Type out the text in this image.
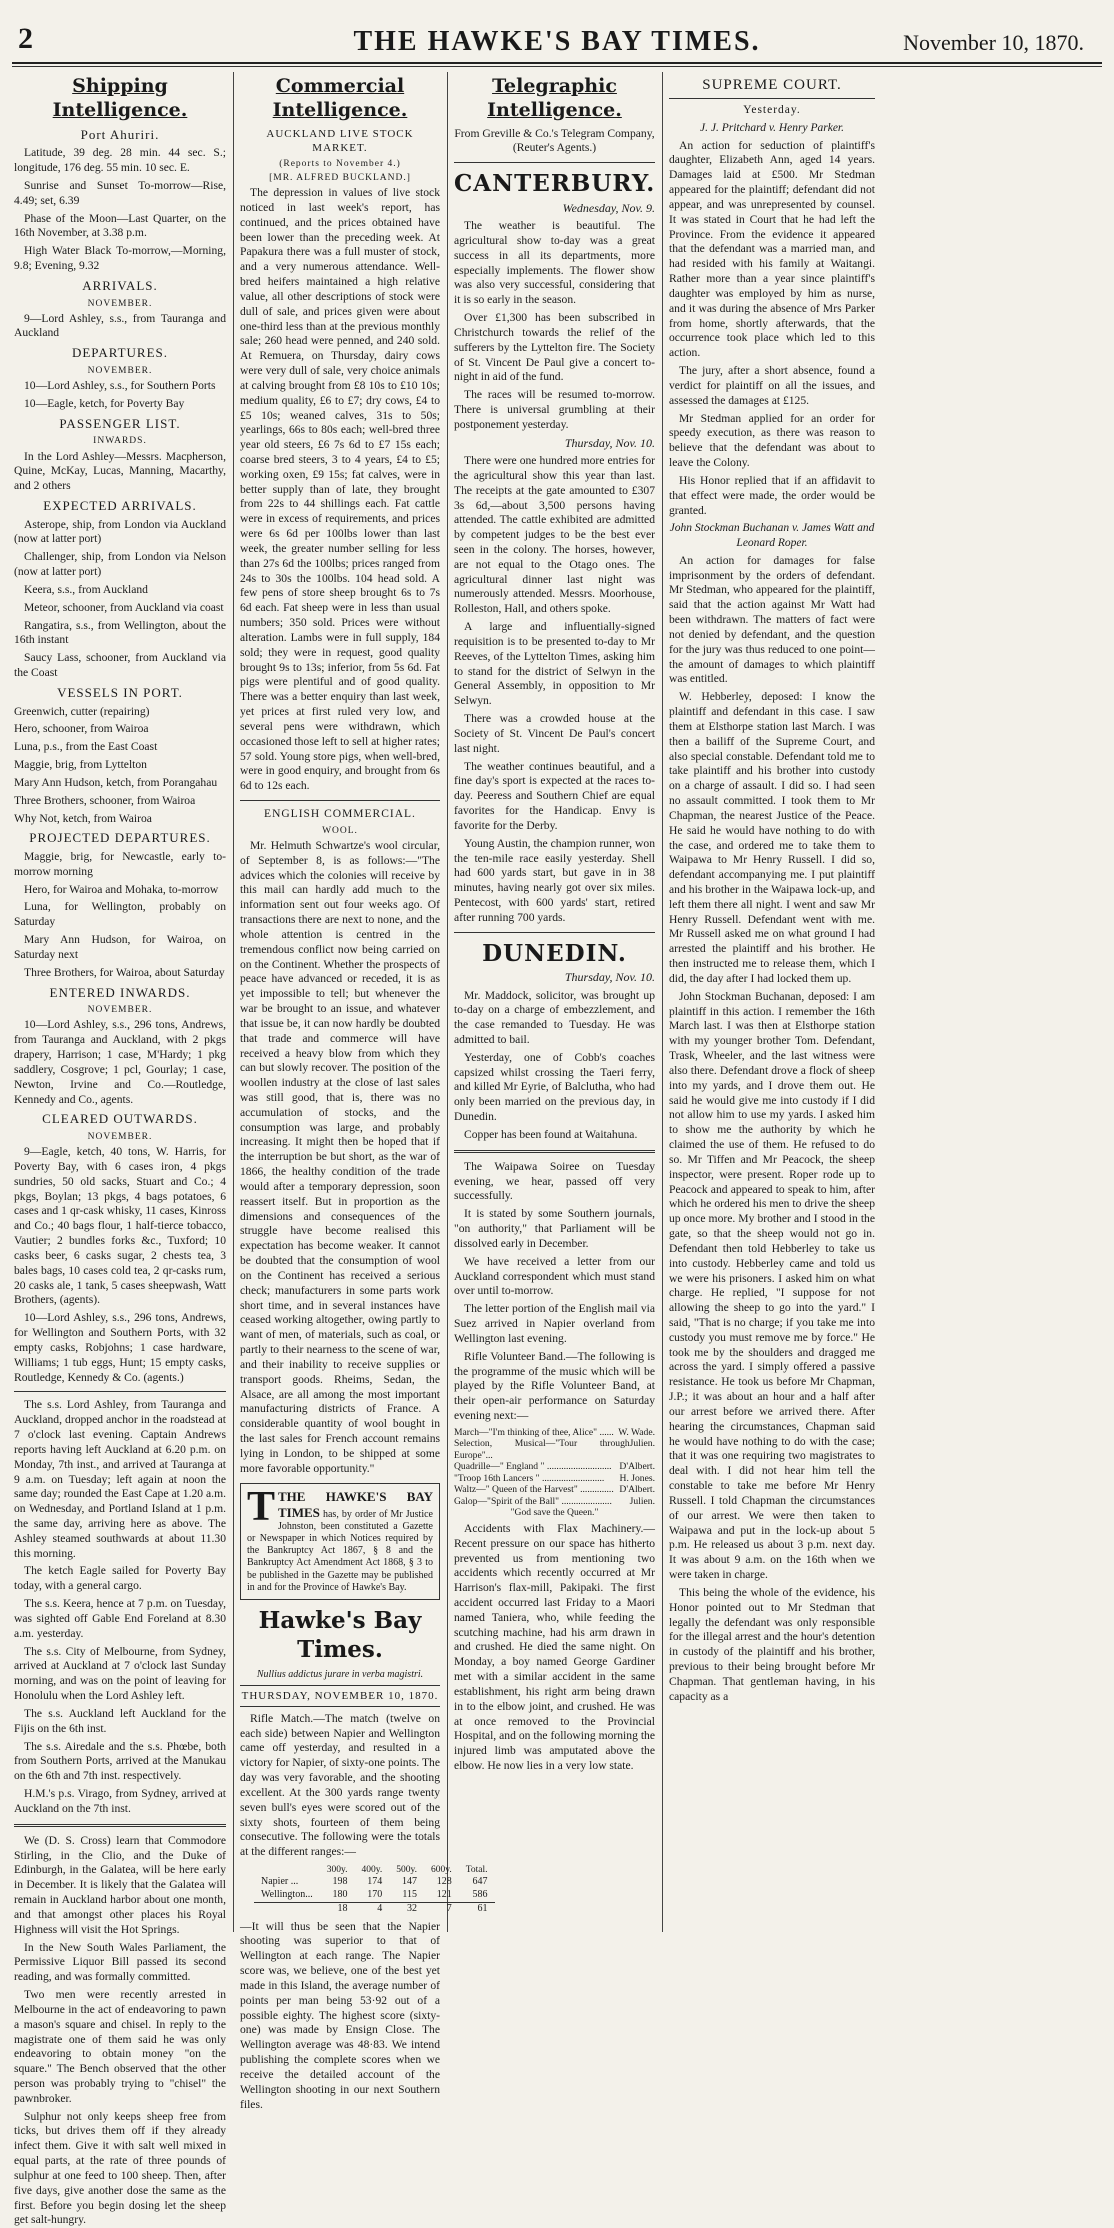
2	THE HAWKE'S BAY TIMES.	November 10, 1870.
Shipping Intelligence.
Port Ahuriri.

Latitude, 39 deg. 28 min. 44 sec. S.; longitude, 176 deg. 55 min. 10 sec. E.

Sunrise and Sunset To-morrow—Rise, 4.49; set, 6.39

Phase of the Moon—Last Quarter, on the 16th November, at 3.38 p.m.

High Water Black To-morrow,—Morning, 9.8; Evening, 9.32

ARRIVALS.
NOVEMBER.

9—Lord Ashley, s.s., from Tauranga and Auckland

DEPARTURES.
NOVEMBER.

10—Lord Ashley, s.s., for Southern Ports

10—Eagle, ketch, for Poverty Bay

PASSENGER LIST.
INWARDS.

In the Lord Ashley—Messrs. Macpherson, Quine, McKay, Lucas, Manning, Macarthy, and 2 others

EXPECTED ARRIVALS.

Asterope, ship, from London via Auckland (now at latter port)

Challenger, ship, from London via Nelson (now at latter port)

Keera, s.s., from Auckland

Meteor, schooner, from Auckland via coast

Rangatira, s.s., from Wellington, about the 16th instant

Saucy Lass, schooner, from Auckland via the Coast

VESSELS IN PORT.

Greenwich, cutter (repairing)

Hero, schooner, from Wairoa

Luna, p.s., from the East Coast

Maggie, brig, from Lyttelton

Mary Ann Hudson, ketch, from Porangahau

Three Brothers, schooner, from Wairoa

Why Not, ketch, from Wairoa

PROJECTED DEPARTURES.

Maggie, brig, for Newcastle, early to-morrow morning

Hero, for Wairoa and Mohaka, to-morrow

Luna, for Wellington, probably on Saturday

Mary Ann Hudson, for Wairoa, on Saturday next

Three Brothers, for Wairoa, about Saturday

ENTERED INWARDS.
NOVEMBER.

10—Lord Ashley, s.s., 296 tons, Andrews, from Tauranga and Auckland, with 2 pkgs drapery, Harrison; 1 case, M'Hardy; 1 pkg saddlery, Cosgrove; 1 pcl, Gourlay; 1 case, Newton, Irvine and Co.—Routledge, Kennedy and Co., agents.

CLEARED OUTWARDS.
NOVEMBER.

9—Eagle, ketch, 40 tons, W. Harris, for Poverty Bay, with 6 cases iron, 4 pkgs sundries, 50 old sacks, Stuart and Co.; 4 pkgs, Boylan; 13 pkgs, 4 bags potatoes, 6 cases and 1 qr-cask whisky, 11 cases, Kinross and Co.; 40 bags flour, 1 half-tierce tobacco, Vautier; 2 bundles forks &c., Tuxford; 10 casks beer, 6 casks sugar, 2 chests tea, 3 bales bags, 10 cases cold tea, 2 qr-casks rum, 20 casks ale, 1 tank, 5 cases sheepwash, Watt Brothers, (agents).

10—Lord Ashley, s.s., 296 tons, Andrews, for Wellington and Southern Ports, with 32 empty casks, Robjohns; 1 case hardware, Williams; 1 tub eggs, Hunt; 15 empty casks, Routledge, Kennedy & Co. (agents.)

The s.s. Lord Ashley, from Tauranga and Auckland, dropped anchor in the roadstead at 7 o'clock last evening. Captain Andrews reports having left Auckland at 6.20 p.m. on Monday, 7th inst., and arrived at Tauranga at 9 a.m. on Tuesday; left again at noon the same day; rounded the East Cape at 1.20 a.m. on Wednesday, and Portland Island at 1 p.m. the same day, arriving here as above. The Ashley steamed southwards at about 11.30 this morning.

The ketch Eagle sailed for Poverty Bay today, with a general cargo.

The s.s. Keera, hence at 7 p.m. on Tuesday, was sighted off Gable End Foreland at 8.30 a.m. yesterday.

The s.s. City of Melbourne, from Sydney, arrived at Auckland at 7 o'clock last Sunday morning, and was on the point of leaving for Honolulu when the Lord Ashley left.

The s.s. Auckland left Auckland for the Fijis on the 6th inst.

The s.s. Airedale and the s.s. Phœbe, both from Southern Ports, arrived at the Manukau on the 6th and 7th inst. respectively.

H.M.'s p.s. Virago, from Sydney, arrived at Auckland on the 7th inst.

We (D. S. Cross) learn that Commodore Stirling, in the Clio, and the Duke of Edinburgh, in the Galatea, will be here early in December. It is likely that the Galatea will remain in Auckland harbor about one month, and that amongst other places his Royal Highness will visit the Hot Springs.

In the New South Wales Parliament, the Permissive Liquor Bill passed its second reading, and was formally committed.

Two men were recently arrested in Melbourne in the act of endeavoring to pawn a mason's square and chisel. In reply to the magistrate one of them said he was only endeavoring to obtain money "on the square." The Bench observed that the other person was probably trying to "chisel" the pawnbroker.

Sulphur not only keeps sheep free from ticks, but drives them off if they already infect them. Give it with salt well mixed in equal parts, at the rate of three pounds of sulphur at one feed to 100 sheep. Then, after five days, give another dose the same as the first. Before you begin dosing let the sheep get salt-hungry.

Commercial Intelligence.
AUCKLAND LIVE STOCK MARKET.
(Reports to November 4.)
[MR. ALFRED BUCKLAND.]

The depression in values of live stock noticed in last week's report, has continued, and the prices obtained have been lower than the preceding week. At Papakura there was a full muster of stock, and a very numerous attendance. Well-bred heifers maintained a high relative value, all other descriptions of stock were dull of sale, and prices given were about one-third less than at the previous monthly sale; 260 head were penned, and 240 sold. At Remuera, on Thursday, dairy cows were very dull of sale, very choice animals at calving brought from £8 10s to £10 10s; medium quality, £6 to £7; dry cows, £4 to £5 10s; weaned calves, 31s to 50s; yearlings, 66s to 80s each; well-bred three year old steers, £6 7s 6d to £7 15s each; coarse bred steers, 3 to 4 years, £4 to £5; working oxen, £9 15s; fat calves, were in better supply than of late, they brought from 22s to 44 shillings each. Fat cattle were in excess of requirements, and prices were 6s 6d per 100lbs lower than last week, the greater number selling for less than 27s 6d the 100lbs; prices ranged from 24s to 30s the 100lbs. 104 head sold. A few pens of store sheep brought 6s to 7s 6d each. Fat sheep were in less than usual numbers; 350 sold. Prices were without alteration. Lambs were in full supply, 184 sold; they were in request, good quality brought 9s to 13s; inferior, from 5s 6d. Fat pigs were plentiful and of good quality. There was a better enquiry than last week, yet prices at first ruled very low, and several pens were withdrawn, which occasioned those left to sell at higher rates; 57 sold. Young store pigs, when well-bred, were in good enquiry, and brought from 6s 6d to 12s each.

ENGLISH COMMERCIAL.
WOOL.

Mr. Helmuth Schwartze's wool circular, of September 8, is as follows:—"The advices which the colonies will receive by this mail can hardly add much to the information sent out four weeks ago. Of transactions there are next to none, and the whole attention is centred in the tremendous conflict now being carried on on the Continent. Whether the prospects of peace have advanced or receded, it is as yet impossible to tell; but whenever the war be brought to an issue, and whatever that issue be, it can now hardly be doubted that trade and commerce will have received a heavy blow from which they can but slowly recover. The position of the woollen industry at the close of last sales was still good, that is, there was no accumulation of stocks, and the consumption was large, and probably increasing. It might then be hoped that if the interruption be but short, as the war of 1866, the healthy condition of the trade would after a temporary depression, soon reassert itself. But in proportion as the dimensions and consequences of the struggle have become realised this expectation has become weaker. It cannot be doubted that the consumption of wool on the Continent has received a serious check; manufacturers in some parts work short time, and in several instances have ceased working altogether, owing partly to want of men, of materials, such as coal, or partly to their nearness to the scene of war, and their inability to receive supplies or transport goods. Rheims, Sedan, the Alsace, are all among the most important manufacturing districts of France. A considerable quantity of wool bought in the last sales for French account remains lying in London, to be shipped at some more favorable opportunity."

T THE HAWKE'S BAY TIMES has, by order of Mr Justice Johnston, been constituted a Gazette or Newspaper in which Notices required by the Bankruptcy Act 1867, § 8 and the Bankruptcy Act Amendment Act 1868, § 3 to be published in the Gazette may be published in and for the Province of Hawke's Bay.
Hawke's Bay Times.
Nullius addictus jurare in verba magistri.
THURSDAY, NOVEMBER 10, 1870.

Rifle Match.—The match (twelve on each side) between Napier and Wellington came off yesterday, and resulted in a victory for Napier, of sixty-one points. The day was very favorable, and the shooting excellent. At the 300 yards range twenty seven bull's eyes were scored out of the sixty shots, fourteen of them being consecutive. The following were the totals at the different ranges:—

	300y.	400y.	500y.	600y.	Total.
Napier ...	198	174	147	128	647
Wellington...	180	170	115	121	586
	18	4	32	7	61

—It will thus be seen that the Napier shooting was superior to that of Wellington at each range. The Napier score was, we believe, one of the best yet made in this Island, the average number of points per man being 53·92 out of a possible eighty. The highest score (sixty-one) was made by Ensign Close. The Wellington average was 48·83. We intend publishing the complete scores when we receive the detailed account of the Wellington shooting in our next Southern files.

Telegraphic Intelligence.

From Greville & Co.'s Telegram Company, (Reuter's Agents.)

CANTERBURY.
Wednesday, Nov. 9.

The weather is beautiful. The agricultural show to-day was a great success in all its departments, more especially implements. The flower show was also very successful, considering that it is so early in the season.

Over £1,300 has been subscribed in Christchurch towards the relief of the sufferers by the Lyttelton fire. The Society of St. Vincent De Paul give a concert to-night in aid of the fund.

The races will be resumed to-morrow. There is universal grumbling at their postponement yesterday.

Thursday, Nov. 10.

There were one hundred more entries for the agricultural show this year than last. The receipts at the gate amounted to £307 3s 6d,—about 3,500 persons having attended. The cattle exhibited are admitted by competent judges to be the best ever seen in the colony. The horses, however, are not equal to the Otago ones. The agricultural dinner last night was numerously attended. Messrs. Moorhouse, Rolleston, Hall, and others spoke.

A large and influentially-signed requisition is to be presented to-day to Mr Reeves, of the Lyttelton Times, asking him to stand for the district of Selwyn in the General Assembly, in opposition to Mr Selwyn.

There was a crowded house at the Society of St. Vincent De Paul's concert last night.

The weather continues beautiful, and a fine day's sport is expected at the races to-day. Peeress and Southern Chief are equal favorites for the Handicap. Envy is favorite for the Derby.

Young Austin, the champion runner, won the ten-mile race easily yesterday. Shell had 600 yards start, but gave in in 38 minutes, having nearly got over six miles. Pentecost, with 600 yards' start, retired after running 700 yards.

DUNEDIN.
Thursday, Nov. 10.

Mr. Maddock, solicitor, was brought up to-day on a charge of embezzlement, and the case remanded to Tuesday. He was admitted to bail.

Yesterday, one of Cobb's coaches capsized whilst crossing the Taeri ferry, and killed Mr Eyrie, of Balclutha, who had only been married on the previous day, in Dunedin.

Copper has been found at Waitahuna.

The Waipawa Soiree on Tuesday evening, we hear, passed off very successfully.

It is stated by some Southern journals, "on authority," that Parliament will be dissolved early in December.

We have received a letter from our Auckland correspondent which must stand over until to-morrow.

The letter portion of the English mail via Suez arrived in Napier overland from Wellington last evening.

Rifle Volunteer Band.—The following is the programme of the music which will be played by the Rifle Volunteer Band, at their open-air performance on Saturday evening next:—

March—"I'm thinking of thee, Alice" ...... W. Wade.
Selection, Musical—"Tour through Europe"...
Julien.
Quadrille—" England " ........................... D'Albert.
"Troop 16th Lancers " .......................... H. Jones.
Waltz—" Queen of the Harvest" .............. D'Albert.
Galop—"Spirit of the Ball" ..................... Julien.
"God save the Queen."

Accidents with Flax Machinery.—Recent pressure on our space has hitherto prevented us from mentioning two accidents which recently occurred at Mr Harrison's flax-mill, Pakipaki. The first accident occurred last Friday to a Maori named Taniera, who, while feeding the scutching machine, had his arm drawn in and crushed. He died the same night. On Monday, a boy named George Gardiner met with a similar accident in the same establishment, his right arm being drawn in to the elbow joint, and crushed. He was at once removed to the Provincial Hospital, and on the following morning the injured limb was amputated above the elbow. He now lies in a very low state.

SUPREME COURT.
Yesterday.
J. J. Pritchard v. Henry Parker.

An action for seduction of plaintiff's daughter, Elizabeth Ann, aged 14 years. Damages laid at £500. Mr Stedman appeared for the plaintiff; defendant did not appear, and was unrepresented by counsel. It was stated in Court that he had left the Province. From the evidence it appeared that the defendant was a married man, and had resided with his family at Waitangi. Rather more than a year since plaintiff's daughter was employed by him as nurse, and it was during the absence of Mrs Parker from home, shortly afterwards, that the occurrence took place which led to this action.

The jury, after a short absence, found a verdict for plaintiff on all the issues, and assessed the damages at £125.

Mr Stedman applied for an order for speedy execution, as there was reason to believe that the defendant was about to leave the Colony.

His Honor replied that if an affidavit to that effect were made, the order would be granted.

John Stockman Buchanan v. James Watt and Leonard Roper.

An action for damages for false imprisonment by the orders of defendant. Mr Stedman, who appeared for the plaintiff, said that the action against Mr Watt had been withdrawn. The matters of fact were not denied by defendant, and the question for the jury was thus reduced to one point—the amount of damages to which plaintiff was entitled.

W. Hebberley, deposed: I know the plaintiff and defendant in this case. I saw them at Elsthorpe station last March. I was then a bailiff of the Supreme Court, and also special constable. Defendant told me to take plaintiff and his brother into custody on a charge of assault. I did so. I had seen no assault committed. I took them to Mr Chapman, the nearest Justice of the Peace. He said he would have nothing to do with the case, and ordered me to take them to Waipawa to Mr Henry Russell. I did so, defendant accompanying me. I put plaintiff and his brother in the Waipawa lock-up, and left them there all night. I went and saw Mr Henry Russell. Defendant went with me. Mr Russell asked me on what ground I had arrested the plaintiff and his brother. He then instructed me to release them, which I did, the day after I had locked them up.

John Stockman Buchanan, deposed: I am plaintiff in this action. I remember the 16th March last. I was then at Elsthorpe station with my younger brother Tom. Defendant, Trask, Wheeler, and the last witness were also there. Defendant drove a flock of sheep into my yards, and I drove them out. He said he would give me into custody if I did not allow him to use my yards. I asked him to show me the authority by which he claimed the use of them. He refused to do so. Mr Tiffen and Mr Peacock, the sheep inspector, were present. Roper rode up to Peacock and appeared to speak to him, after which he ordered his men to drive the sheep up once more. My brother and I stood in the gate, so that the sheep would not go in. Defendant then told Hebberley to take us into custody. Hebberley came and told us we were his prisoners. I asked him on what charge. He replied, "I suppose for not allowing the sheep to go into the yard." I said, "That is no charge; if you take me into custody you must remove me by force." He took me by the shoulders and dragged me across the yard. I simply offered a passive resistance. He took us before Mr Chapman, J.P.; it was about an hour and a half after our arrest before we arrived there. After hearing the circumstances, Chapman said he would have nothing to do with the case; that it was one requiring two magistrates to deal with. I did not hear him tell the constable to take me before Mr Henry Russell. I told Chapman the circumstances of our arrest. We were then taken to Waipawa and put in the lock-up about 5 p.m. He released us about 3 p.m. next day. It was about 9 a.m. on the 16th when we were taken in charge.

This being the whole of the evidence, his Honor pointed out to Mr Stedman that legally the defendant was only responsible for the illegal arrest and the hour's detention in custody of the plaintiff and his brother, previous to their being brought before Mr Chapman. That gentleman having, in his capacity as a
